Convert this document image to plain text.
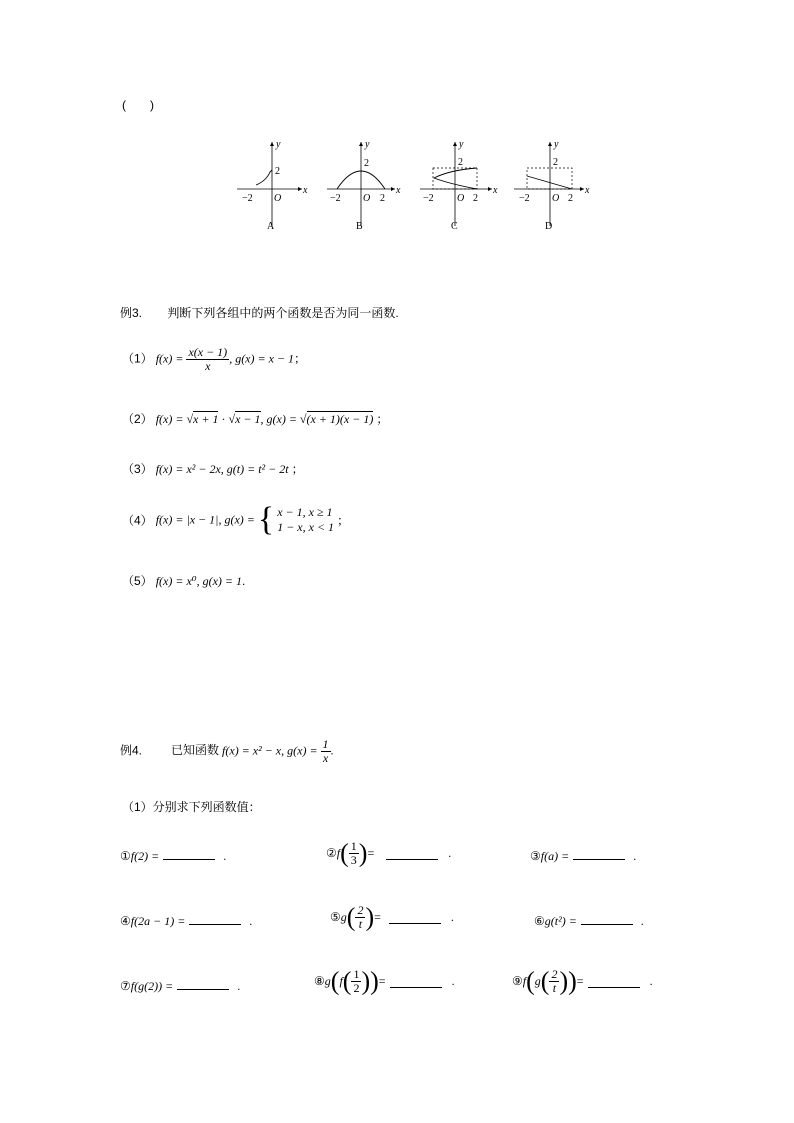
(　　)
y
x
2
−2 O
A
y
x
2
−2 O 2
B
y
x
2
−2 O 2
C
y
x
2
−2 O 2
D
例3. 判断下列各组中的两个函数是否为同一函数.
（1） $f(x) = \frac{x(x - 1)}{x}$ , g(x) = x − 1；
（2） f(x) = √x + 1 · √x − 1, g(x) = √(x + 1)(x − 1) ；
（3） f(x) = x² − 2x, g(t) = t² − 2t ；
（4） f(x) = |x − 1|, g(x) = { x − 1, x ≥ 1
1 − x, x < 1 ；
（5） f(x) = x⁰, g(x) = 1.
例4. 已知函数 f(x) = x² − x, $g(x) = \frac{1}{x}$ .
（1）分别求下列函数值：
①f(2) =	.	②f( $\frac{1}{3}$ )=	.	③f(a) =	.
④f(2a − 1) =	.	⑤g( $\frac{2}{t}$ )=	.	⑥g(t²) =	.
⑦f(g(2)) =	.	⑧g(f( $\frac{1}{2}$ ))=	.	⑨f(g( $\frac{2}{t}$ ))=	.
